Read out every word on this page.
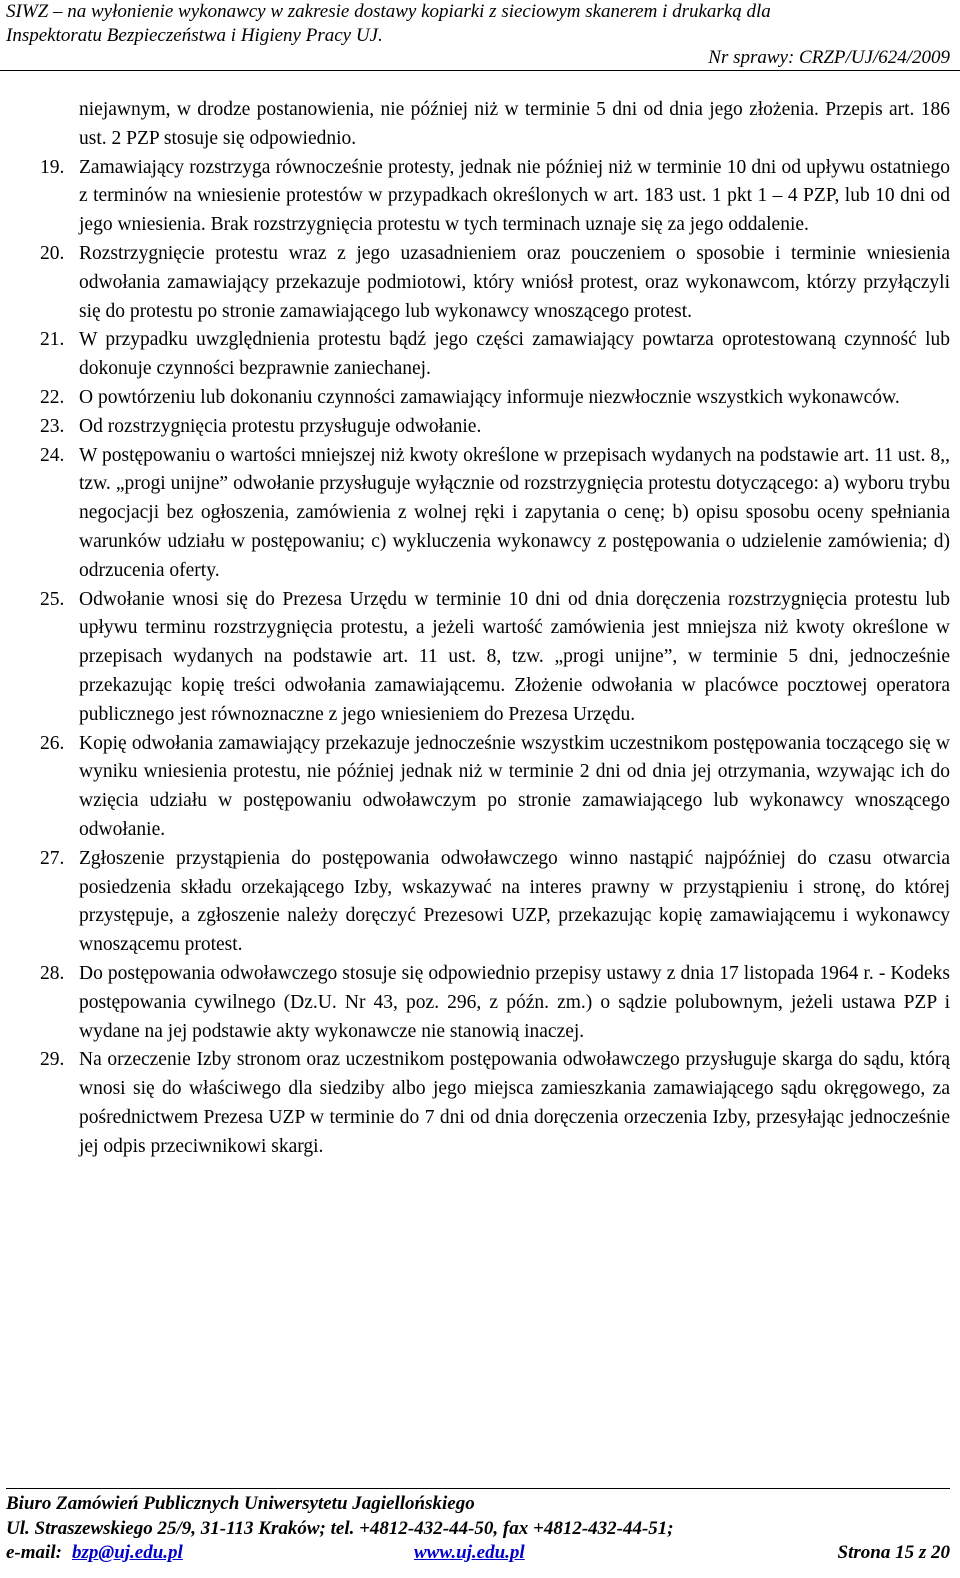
SIWZ – na wyłonienie wykonawcy w zakresie dostawy kopiarki z sieciowym skanerem i drukarką dla
Inspektoratu Bezpieczeństwa i Higieny Pracy UJ.
Nr sprawy: CRZP/UJ/624/2009
niejawnym, w drodze postanowienia, nie później niż w terminie 5 dni od dnia jego złożenia. Przepis art. 186 ust. 2 PZP stosuje się odpowiednio.
19. Zamawiający rozstrzyga równocześnie protesty, jednak nie później niż w terminie 10 dni od upływu ostatniego z terminów na wniesienie protestów w przypadkach określonych w art. 183 ust. 1 pkt 1 – 4 PZP, lub 10 dni od jego wniesienia. Brak rozstrzygnięcia protestu w tych terminach uznaje się za jego oddalenie.
20. Rozstrzygnięcie protestu wraz z jego uzasadnieniem oraz pouczeniem o sposobie i terminie wniesienia odwołania zamawiający przekazuje podmiotowi, który wniósł protest, oraz wykonawcom, którzy przyłączyli się do protestu po stronie zamawiającego lub wykonawcy wnoszącego protest.
21. W przypadku uwzględnienia protestu bądź jego części zamawiający powtarza oprotestowaną czynność lub dokonuje czynności bezprawnie zaniechanej.
22. O powtórzeniu lub dokonaniu czynności zamawiający informuje niezwłocznie wszystkich wykonawców.
23. Od rozstrzygnięcia protestu przysługuje odwołanie.
24. W postępowaniu o wartości mniejszej niż kwoty określone w przepisach wydanych na podstawie art. 11 ust. 8,, tzw. „progi unijne” odwołanie przysługuje wyłącznie od rozstrzygnięcia protestu dotyczącego: a) wyboru trybu negocjacji bez ogłoszenia, zamówienia z wolnej ręki i zapytania o cenę; b) opisu sposobu oceny spełniania warunków udziału w postępowaniu; c) wykluczenia wykonawcy z postępowania o udzielenie zamówienia; d) odrzucenia oferty.
25. Odwołanie wnosi się do Prezesa Urzędu w terminie 10 dni od dnia doręczenia rozstrzygnięcia protestu lub upływu terminu rozstrzygnięcia protestu, a jeżeli wartość zamówienia jest mniejsza niż kwoty określone w przepisach wydanych na podstawie art. 11 ust. 8, tzw. „progi unijne”, w terminie 5 dni, jednocześnie przekazując kopię treści odwołania zamawiającemu. Złożenie odwołania w placówce pocztowej operatora publicznego jest równoznaczne z jego wniesieniem do Prezesa Urzędu.
26. Kopię odwołania zamawiający przekazuje jednocześnie wszystkim uczestnikom postępowania toczącego się w wyniku wniesienia protestu, nie później jednak niż w terminie 2 dni od dnia jej otrzymania, wzywając ich do wzięcia udziału w postępowaniu odwoławczym po stronie zamawiającego lub wykonawcy wnoszącego odwołanie.
27. Zgłoszenie przystąpienia do postępowania odwoławczego winno nastąpić najpóźniej do czasu otwarcia posiedzenia składu orzekającego Izby, wskazywać na interes prawny w przystąpieniu i stronę, do której przystępuje, a zgłoszenie należy doręczyć Prezesowi UZP, przekazując kopię zamawiającemu i wykonawcy wnoszącemu protest.
28. Do postępowania odwoławczego stosuje się odpowiednio przepisy ustawy z dnia 17 listopada 1964 r. - Kodeks postępowania cywilnego (Dz.U. Nr 43, poz. 296, z późn. zm.) o sądzie polubownym, jeżeli ustawa PZP i wydane na jej podstawie akty wykonawcze nie stanowią inaczej.
29. Na orzeczenie Izby stronom oraz uczestnikom postępowania odwoławczego przysługuje skarga do sądu, którą wnosi się do właściwego dla siedziby albo jego miejsca zamieszkania zamawiającego sądu okręgowego, za pośrednictwem Prezesa UZP w terminie do 7 dni od dnia doręczenia orzeczenia Izby, przesyłając jednocześnie jej odpis przeciwnikowi skargi.
Biuro Zamówień Publicznych Uniwersytetu Jagiellońskiego
Ul. Straszewskiego 25/9, 31-113 Kraków; tel. +4812-432-44-50, fax +4812-432-44-51;
e-mail: bzp@uj.edu.pl	www.uj.edu.pl	Strona 15 z 20
